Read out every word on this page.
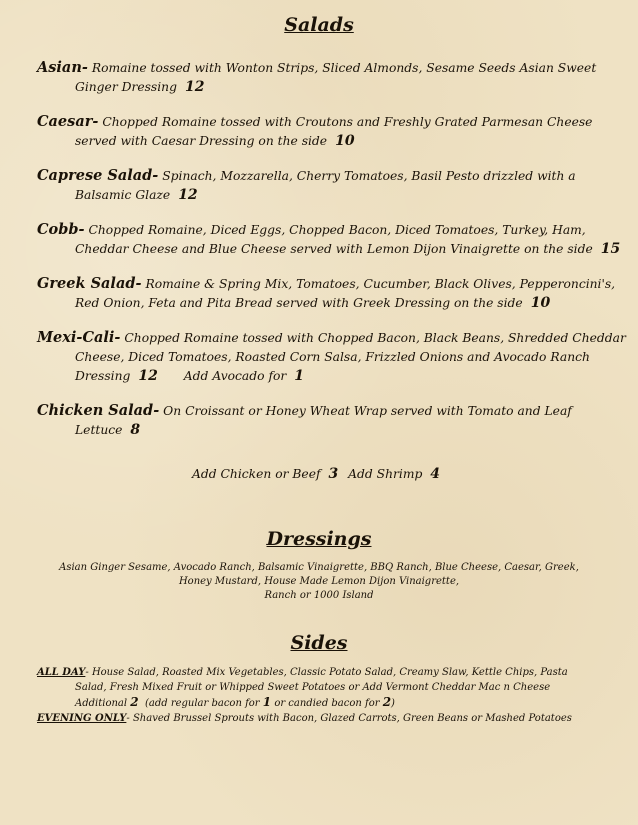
Salads
Asian- Romaine tossed with Wonton Strips, Sliced Almonds, Sesame Seeds Asian Sweet
Ginger Dressing 12
Caesar- Chopped Romaine tossed with Croutons and Freshly Grated Parmesan Cheese
served with Caesar Dressing on the side 10
Caprese Salad- Spinach, Mozzarella, Cherry Tomatoes, Basil Pesto drizzled with a
Balsamic Glaze 12
Cobb- Chopped Romaine, Diced Eggs, Chopped Bacon, Diced Tomatoes, Turkey, Ham,
Cheddar Cheese and Blue Cheese served with Lemon Dijon Vinaigrette on the side 15
Greek Salad- Romaine & Spring Mix, Tomatoes, Cucumber, Black Olives, Pepperoncini's,
Red Onion, Feta and Pita Bread served with Greek Dressing on the side 10
Mexi-Cali- Chopped Romaine tossed with Chopped Bacon, Black Beans, Shredded Cheddar
Cheese, Diced Tomatoes, Roasted Corn Salsa, Frizzled Onions and Avocado Ranch
Dressing 12 Add Avocado for 1
Chicken Salad- On Croissant or Honey Wheat Wrap served with Tomato and Leaf
Lettuce 8
Add Chicken or Beef 3 Add Shrimp 4
Dressings
Asian Ginger Sesame, Avocado Ranch, Balsamic Vinaigrette, BBQ Ranch, Blue Cheese, Caesar, Greek,
Honey Mustard, House Made Lemon Dijon Vinaigrette,
Ranch or 1000 Island
Sides
ALL DAY- House Salad, Roasted Mix Vegetables, Classic Potato Salad, Creamy Slaw, Kettle Chips, Pasta
Salad, Fresh Mixed Fruit or Whipped Sweet Potatoes or Add Vermont Cheddar Mac n Cheese
Additional 2 (add regular bacon for 1 or candied bacon for 2)
EVENING ONLY- Shaved Brussel Sprouts with Bacon, Glazed Carrots, Green Beans or Mashed Potatoes
